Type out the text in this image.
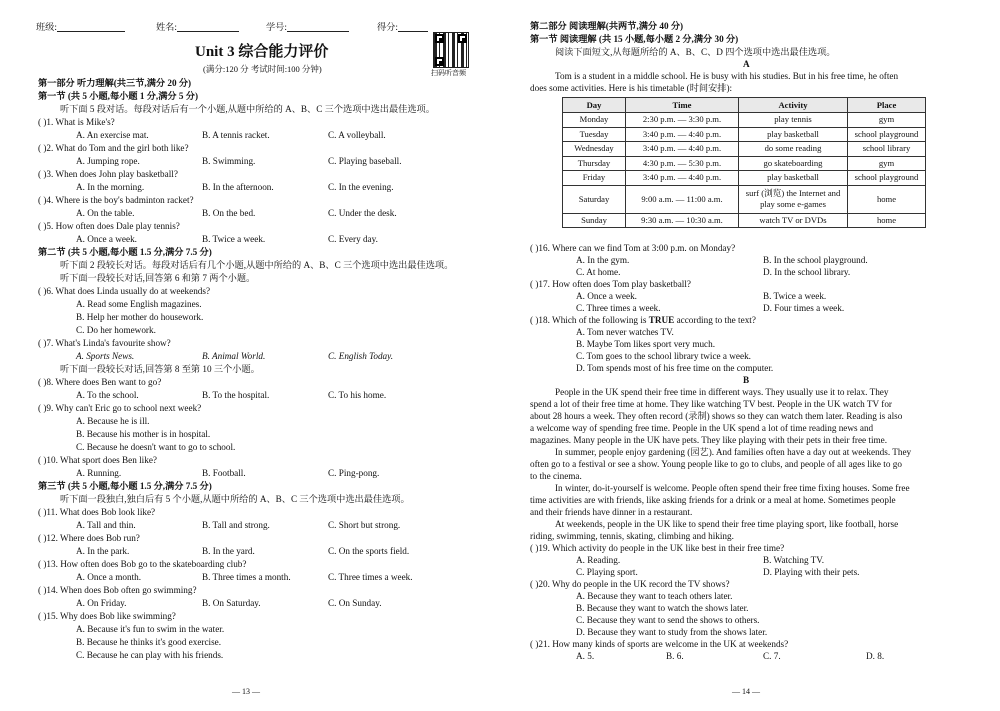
班级:	姓名:	学号:	得分:
扫码听音频
Unit 3 综合能力评价
(满分:120 分 考试时间:100 分钟)
第一部分 听力理解(共三节,满分 20 分)
第一节 (共 5 小题,每小题 1 分,满分 5 分)
听下面 5 段对话。每段对话后有一个小题,从题中所给的 A、B、C 三个选项中选出最佳选项。
( )1. What is Mike's?
A. An exercise mat.	B. A tennis racket.	C. A volleyball.
( )2. What do Tom and the girl both like?
A. Jumping rope.	B. Swimming.	C. Playing baseball.
( )3. When does John play basketball?
A. In the morning.	B. In the afternoon.	C. In the evening.
( )4. Where is the boy's badminton racket?
A. On the table.	B. On the bed.	C. Under the desk.
( )5. How often does Dale play tennis?
A. Once a week.	B. Twice a week.	C. Every day.
第二节 (共 5 小题,每小题 1.5 分,满分 7.5 分)
听下面 2 段较长对话。每段对话后有几个小题,从题中所给的 A、B、C 三个选项中选出最佳选项。
听下面一段较长对话,回答第 6 和第 7 两个小题。
( )6. What does Linda usually do at weekends?
A. Read some English magazines.
B. Help her mother do housework.
C. Do her homework.
( )7. What's Linda's favourite show?
A. Sports News.	B. Animal World.	C. English Today.
听下面一段较长对话,回答第 8 至第 10 三个小题。
( )8. Where does Ben want to go?
A. To the school.	B. To the hospital.	C. To his home.
( )9. Why can't Eric go to school next week?
A. Because he is ill.
B. Because his mother is in hospital.
C. Because he doesn't want to go to school.
( )10. What sport does Ben like?
A. Running.	B. Football.	C. Ping-pong.
第三节 (共 5 小题,每小题 1.5 分,满分 7.5 分)
听下面一段独白,独白后有 5 个小题,从题中所给的 A、B、C 三个选项中选出最佳选项。
( )11. What does Bob look like?
A. Tall and thin.	B. Tall and strong.	C. Short but strong.
( )12. Where does Bob run?
A. In the park.	B. In the yard.	C. On the sports field.
( )13. How often does Bob go to the skateboarding club?
A. Once a month.	B. Three times a month.	C. Three times a week.
( )14. When does Bob often go swimming?
A. On Friday.	B. On Saturday.	C. On Sunday.
( )15. Why does Bob like swimming?
A. Because it's fun to swim in the water.
B. Because he thinks it's good exercise.
C. Because he can play with his friends.
— 13 —
第二部分 阅读理解(共两节,满分 40 分)
第一节 阅读理解 (共 15 小题,每小题 2 分,满分 30 分)
阅读下面短文,从每题所给的 A、B、C、D 四个选项中选出最佳选项。
A
Tom is a student in a middle school. He is busy with his studies. But in his free time, he often
does some activities. Here is his timetable (时间安排):
Day	Time	Activity	Place
Monday	2:30 p.m. — 3:30 p.m.	play tennis	gym
Tuesday	3:40 p.m. — 4:40 p.m.	play basketball	school playground
Wednesday	3:40 p.m. — 4:40 p.m.	do some reading	school library
Thursday	4:30 p.m. — 5:30 p.m.	go skateboarding	gym
Friday	3:40 p.m. — 4:40 p.m.	play basketball	school playground
Saturday	9:00 a.m. — 11:00 a.m.	surf (浏览) the Internet and play some e-games	home
Sunday	9:30 a.m. — 10:30 a.m.	watch TV or DVDs	home
( )16. Where can we find Tom at 3:00 p.m. on Monday?
A. In the gym.	B. In the school playground.
C. At home.	D. In the school library.
( )17. How often does Tom play basketball?
A. Once a week.	B. Twice a week.
C. Three times a week.	D. Four times a week.
( )18. Which of the following is TRUE according to the text?
A. Tom never watches TV.
B. Maybe Tom likes sport very much.
C. Tom goes to the school library twice a week.
D. Tom spends most of his free time on the computer.
B
People in the UK spend their free time in different ways. They usually use it to relax. They
spend a lot of their free time at home. They like watching TV best. People in the UK watch TV for
about 28 hours a week. They often record (录制) shows so they can watch them later. Reading is also
a welcome way of spending free time. People in the UK spend a lot of time reading news and
magazines. Many people in the UK have pets. They like playing with their pets in their free time.
In summer, people enjoy gardening (园艺). And families often have a day out at weekends. They
often go to a festival or see a show. Young people like to go to clubs, and people of all ages like to go
to the cinema.
In winter, do-it-yourself is welcome. People often spend their free time fixing houses. Some free
time activities are with friends, like asking friends for a drink or a meal at home. Sometimes people
and their friends have dinner in a restaurant.
At weekends, people in the UK like to spend their free time playing sport, like football, horse
riding, swimming, tennis, skating, climbing and hiking.
( )19. Which activity do people in the UK like best in their free time?
A. Reading.	B. Watching TV.
C. Playing sport.	D. Playing with their pets.
( )20. Why do people in the UK record the TV shows?
A. Because they want to teach others later.
B. Because they want to watch the shows later.
C. Because they want to send the shows to others.
D. Because they want to study from the shows later.
( )21. How many kinds of sports are welcome in the UK at weekends?
A. 5.	B. 6.	C. 7.	D. 8.
— 14 —
